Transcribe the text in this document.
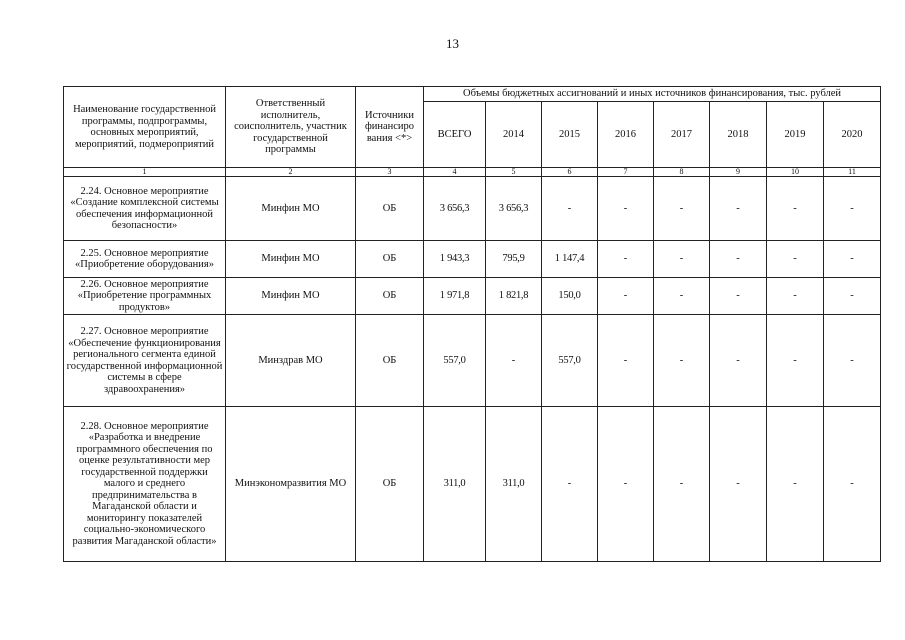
13
Наименование государственной программы, подпрограммы, основных мероприятий, мероприятий, подмероприятий	Ответственный исполнитель, соисполнитель, участник государственной программы	Источники финансиро вания <*>	Объемы бюджетных ассигнований и иных источников финансирования, тыс. рублей							
			ВСЕГО	2014	2015	2016	2017	2018	2019	2020
1	2	3	4	5	6	7	8	9	10	11
2.24. Основное мероприятие «Создание комплексной системы обеспечения информационной безопасности»	Минфин МО	ОБ	3 656,3	3 656,3	-	-	-	-	-	-
2.25. Основное мероприятие «Приобретение оборудования»	Минфин МО	ОБ	1 943,3	795,9	1 147,4	-	-	-	-	-
2.26. Основное мероприятие «Приобретение программных продуктов»	Минфин МО	ОБ	1 971,8	1 821,8	150,0	-	-	-	-	-
2.27. Основное мероприятие «Обеспечение функционирования регионального сегмента единой государственной информационной системы в сфере здравоохранения»	Минздрав МО	ОБ	557,0	-	557,0	-	-	-	-	-
2.28. Основное мероприятие «Разработка и внедрение программного обеспечения по оценке результативности мер государственной поддержки малого и среднего предпринимательства в Магаданской области и мониторингу показателей социально-экономического развития Магаданской области»	Минэкономразвития МО	ОБ	311,0	311,0	-	-	-	-	-	-
